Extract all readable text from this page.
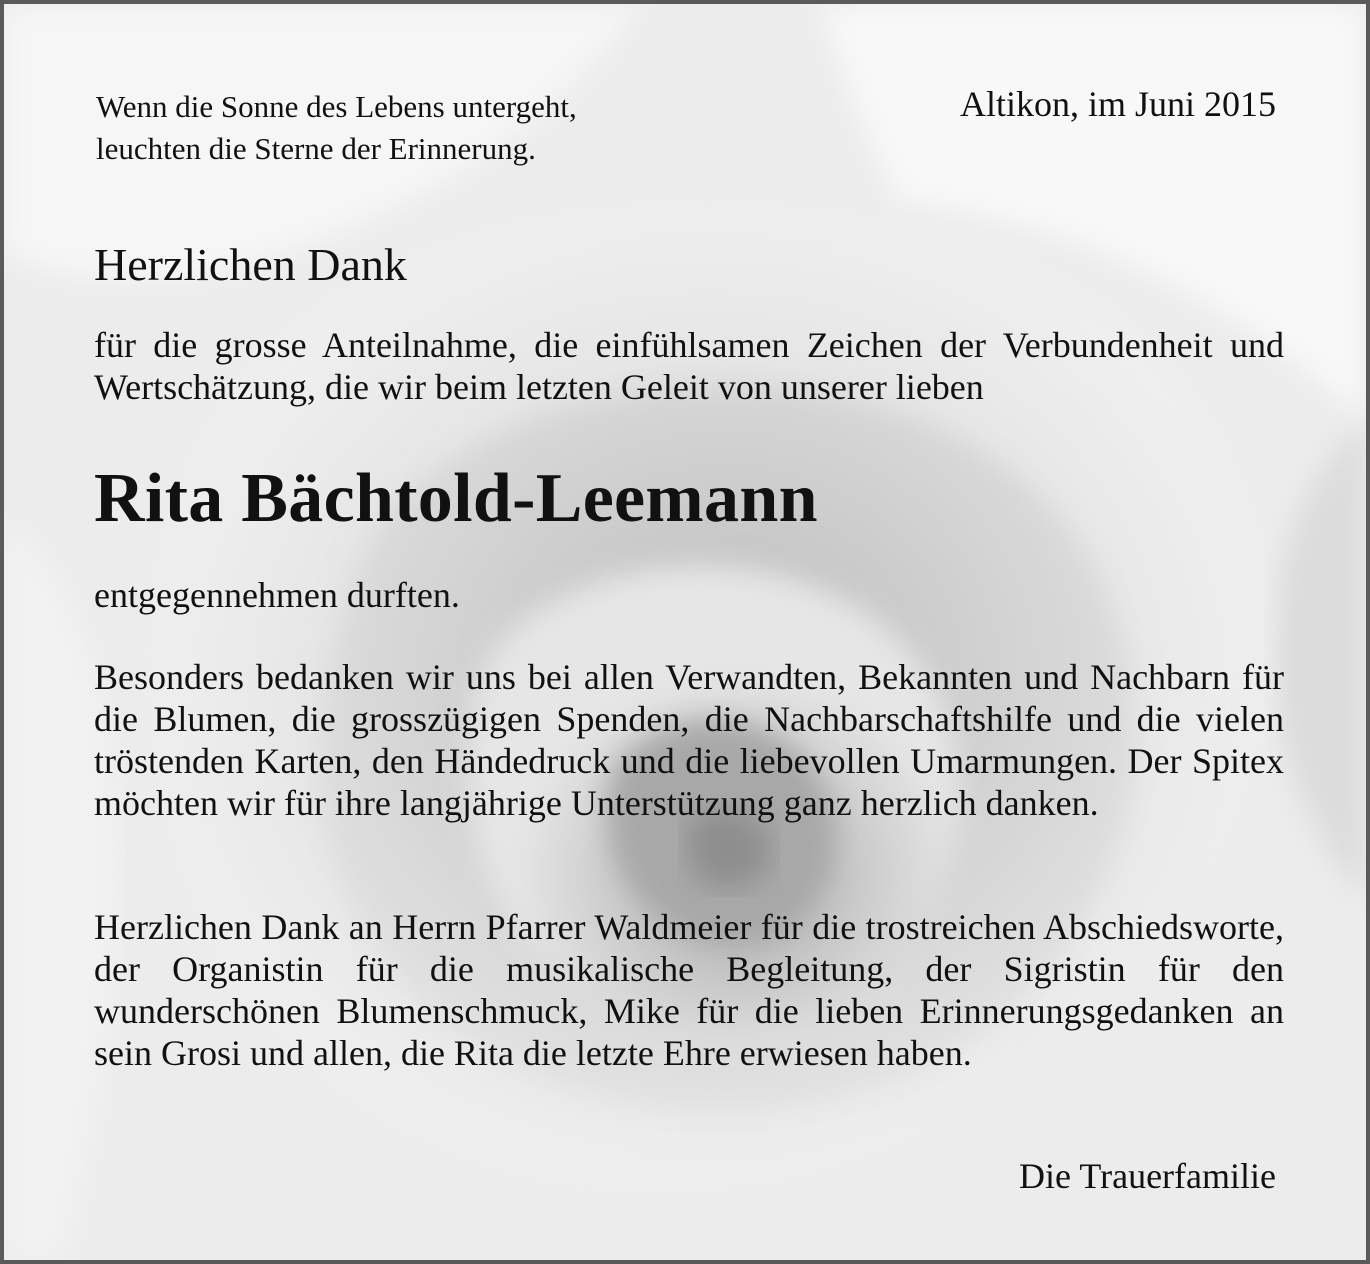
Wenn die Sonne des Lebens untergeht,
leuchten die Sterne der Erinnerung.

Altikon, im Juni 2015

Herzlichen Dank

für die grosse Anteilnahme, die einfühlsamen Zeichen der Verbundenheit und Wertschätzung, die wir beim letzten Geleit von unserer lieben

Rita Bächtold-Leemann

entgegennehmen durften.

Besonders bedanken wir uns bei allen Verwandten, Bekannten und Nachbarn für die Blumen, die grosszügigen Spenden, die Nachbarschaftshilfe und die vielen tröstenden Karten, den Händedruck und die liebevollen Umarmungen. Der Spitex möchten wir für ihre langjährige Unterstützung ganz herzlich danken.

Herzlichen Dank an Herrn Pfarrer Waldmeier für die trostreichen Abschiedsworte, der Organistin für die musikalische Begleitung, der Sigristin für den wunderschönen Blumenschmuck, Mike für die lieben Erinnerungsgedanken an sein Grosi und allen, die Rita die letzte Ehre erwiesen haben.

Die Trauerfamilie
